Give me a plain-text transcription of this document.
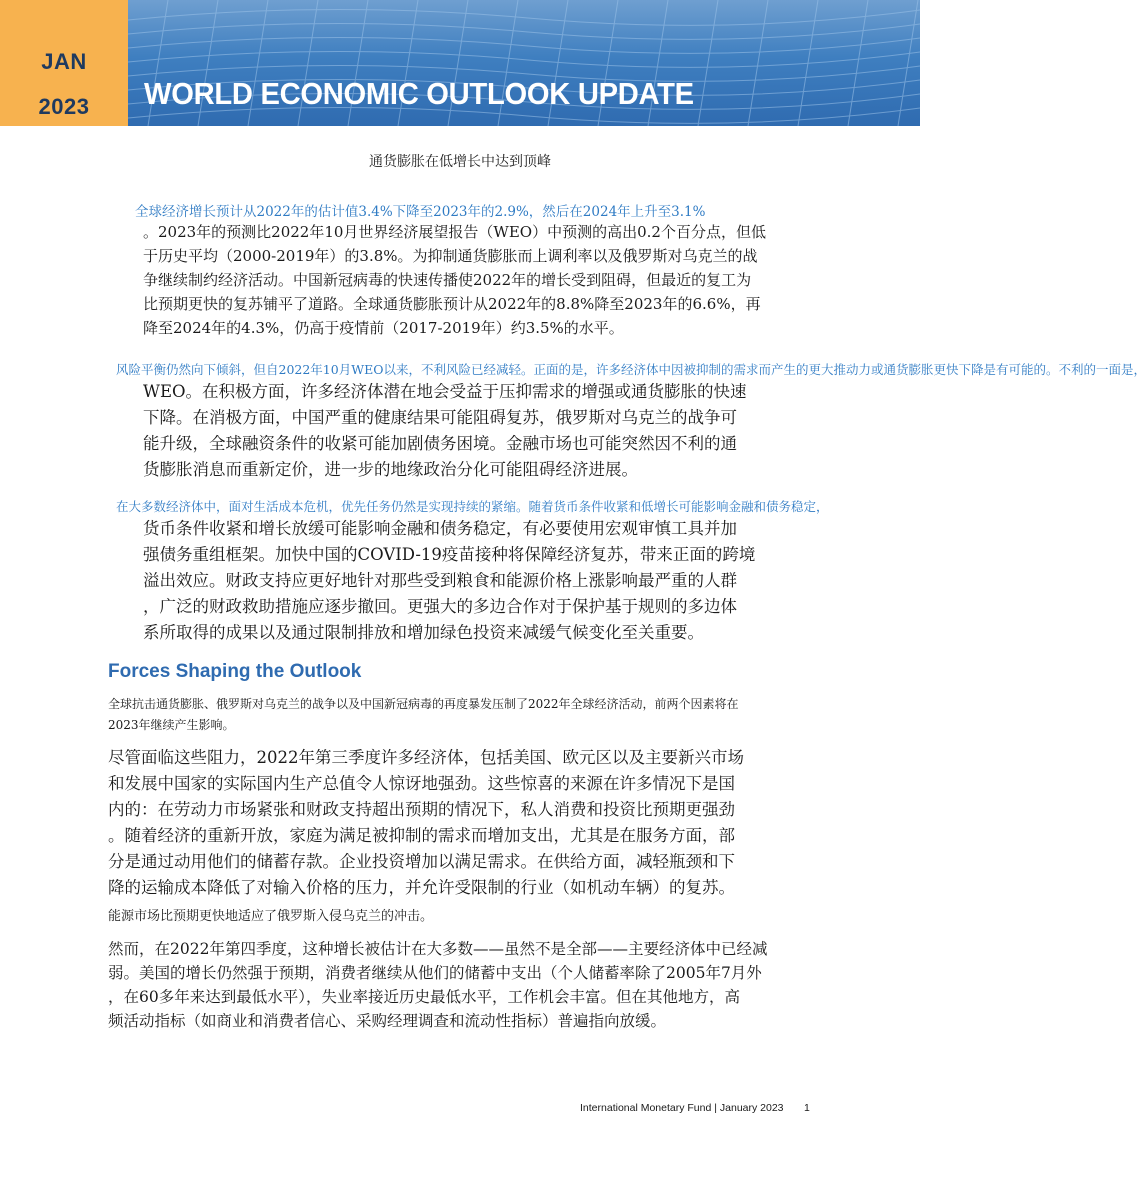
JAN
2023	WORLD ECONOMIC OUTLOOK UPDATE
通货膨胀在低增长中达到顶峰
全球经济增长预计从2022年的估计值3.4%下降至2023年的2.9%，然后在2024年上升至3.1%
。2023年的预测比2022年10月世界经济展望报告（WEO）中预测的高出0.2个百分点，但低
于历史平均（2000-2019年）的3.8%。为抑制通货膨胀而上调利率以及俄罗斯对乌克兰的战
争继续制约经济活动。中国新冠病毒的快速传播使2022年的增长受到阻碍，但最近的复工为
比预期更快的复苏铺平了道路。全球通货膨胀预计从2022年的8.8%降至2023年的6.6%，再
降至2024年的4.3%，仍高于疫情前（2017-2019年）约3.5%的水平。
风险平衡仍然向下倾斜，但自2022年10月WEO以来，不利风险已经减轻。正面的是，许多经济体中因被抑制的需求而产生的更大推动力或通货膨胀更快下降是有可能的。不利的一面是，
WEO。在积极方面，许多经济体潜在地会受益于压抑需求的增强或通货膨胀的快速
下降。在消极方面，中国严重的健康结果可能阻碍复苏，俄罗斯对乌克兰的战争可
能升级，全球融资条件的收紧可能加剧债务困境。金融市场也可能突然因不利的通
货膨胀消息而重新定价，进一步的地缘政治分化可能阻碍经济进展。
在大多数经济体中，面对生活成本危机，优先任务仍然是实现持续的紧缩。随着货币条件收紧和低增长可能影响金融和债务稳定，
货币条件收紧和增长放缓可能影响金融和债务稳定，有必要使用宏观审慎工具并加
强债务重组框架。加快中国的COVID-19疫苗接种将保障经济复苏，带来正面的跨境
溢出效应。财政支持应更好地针对那些受到粮食和能源价格上涨影响最严重的人群
，广泛的财政救助措施应逐步撤回。更强大的多边合作对于保护基于规则的多边体
系所取得的成果以及通过限制排放和增加绿色投资来减缓气候变化至关重要。
Forces Shaping the Outlook
全球抗击通货膨胀、俄罗斯对乌克兰的战争以及中国新冠病毒的再度暴发压制了2022年全球经济活动，前两个因素将在
2023年继续产生影响。
尽管面临这些阻力，2022年第三季度许多经济体，包括美国、欧元区以及主要新兴市场
和发展中国家的实际国内生产总值令人惊讶地强劲。这些惊喜的来源在许多情况下是国
内的：在劳动力市场紧张和财政支持超出预期的情况下，私人消费和投资比预期更强劲
。随着经济的重新开放，家庭为满足被抑制的需求而增加支出，尤其是在服务方面，部
分是通过动用他们的储蓄存款。企业投资增加以满足需求。在供给方面，减轻瓶颈和下
降的运输成本降低了对输入价格的压力，并允许受限制的行业（如机动车辆）的复苏。
能源市场比预期更快地适应了俄罗斯入侵乌克兰的冲击。
然而，在2022年第四季度，这种增长被估计在大多数——虽然不是全部——主要经济体中已经减
弱。美国的增长仍然强于预期，消费者继续从他们的储蓄中支出（个人储蓄率除了2005年7月外
，在60多年来达到最低水平），失业率接近历史最低水平，工作机会丰富。但在其他地方，高
频活动指标（如商业和消费者信心、采购经理调查和流动性指标）普遍指向放缓。
International Monetary Fund | January 2023 1
